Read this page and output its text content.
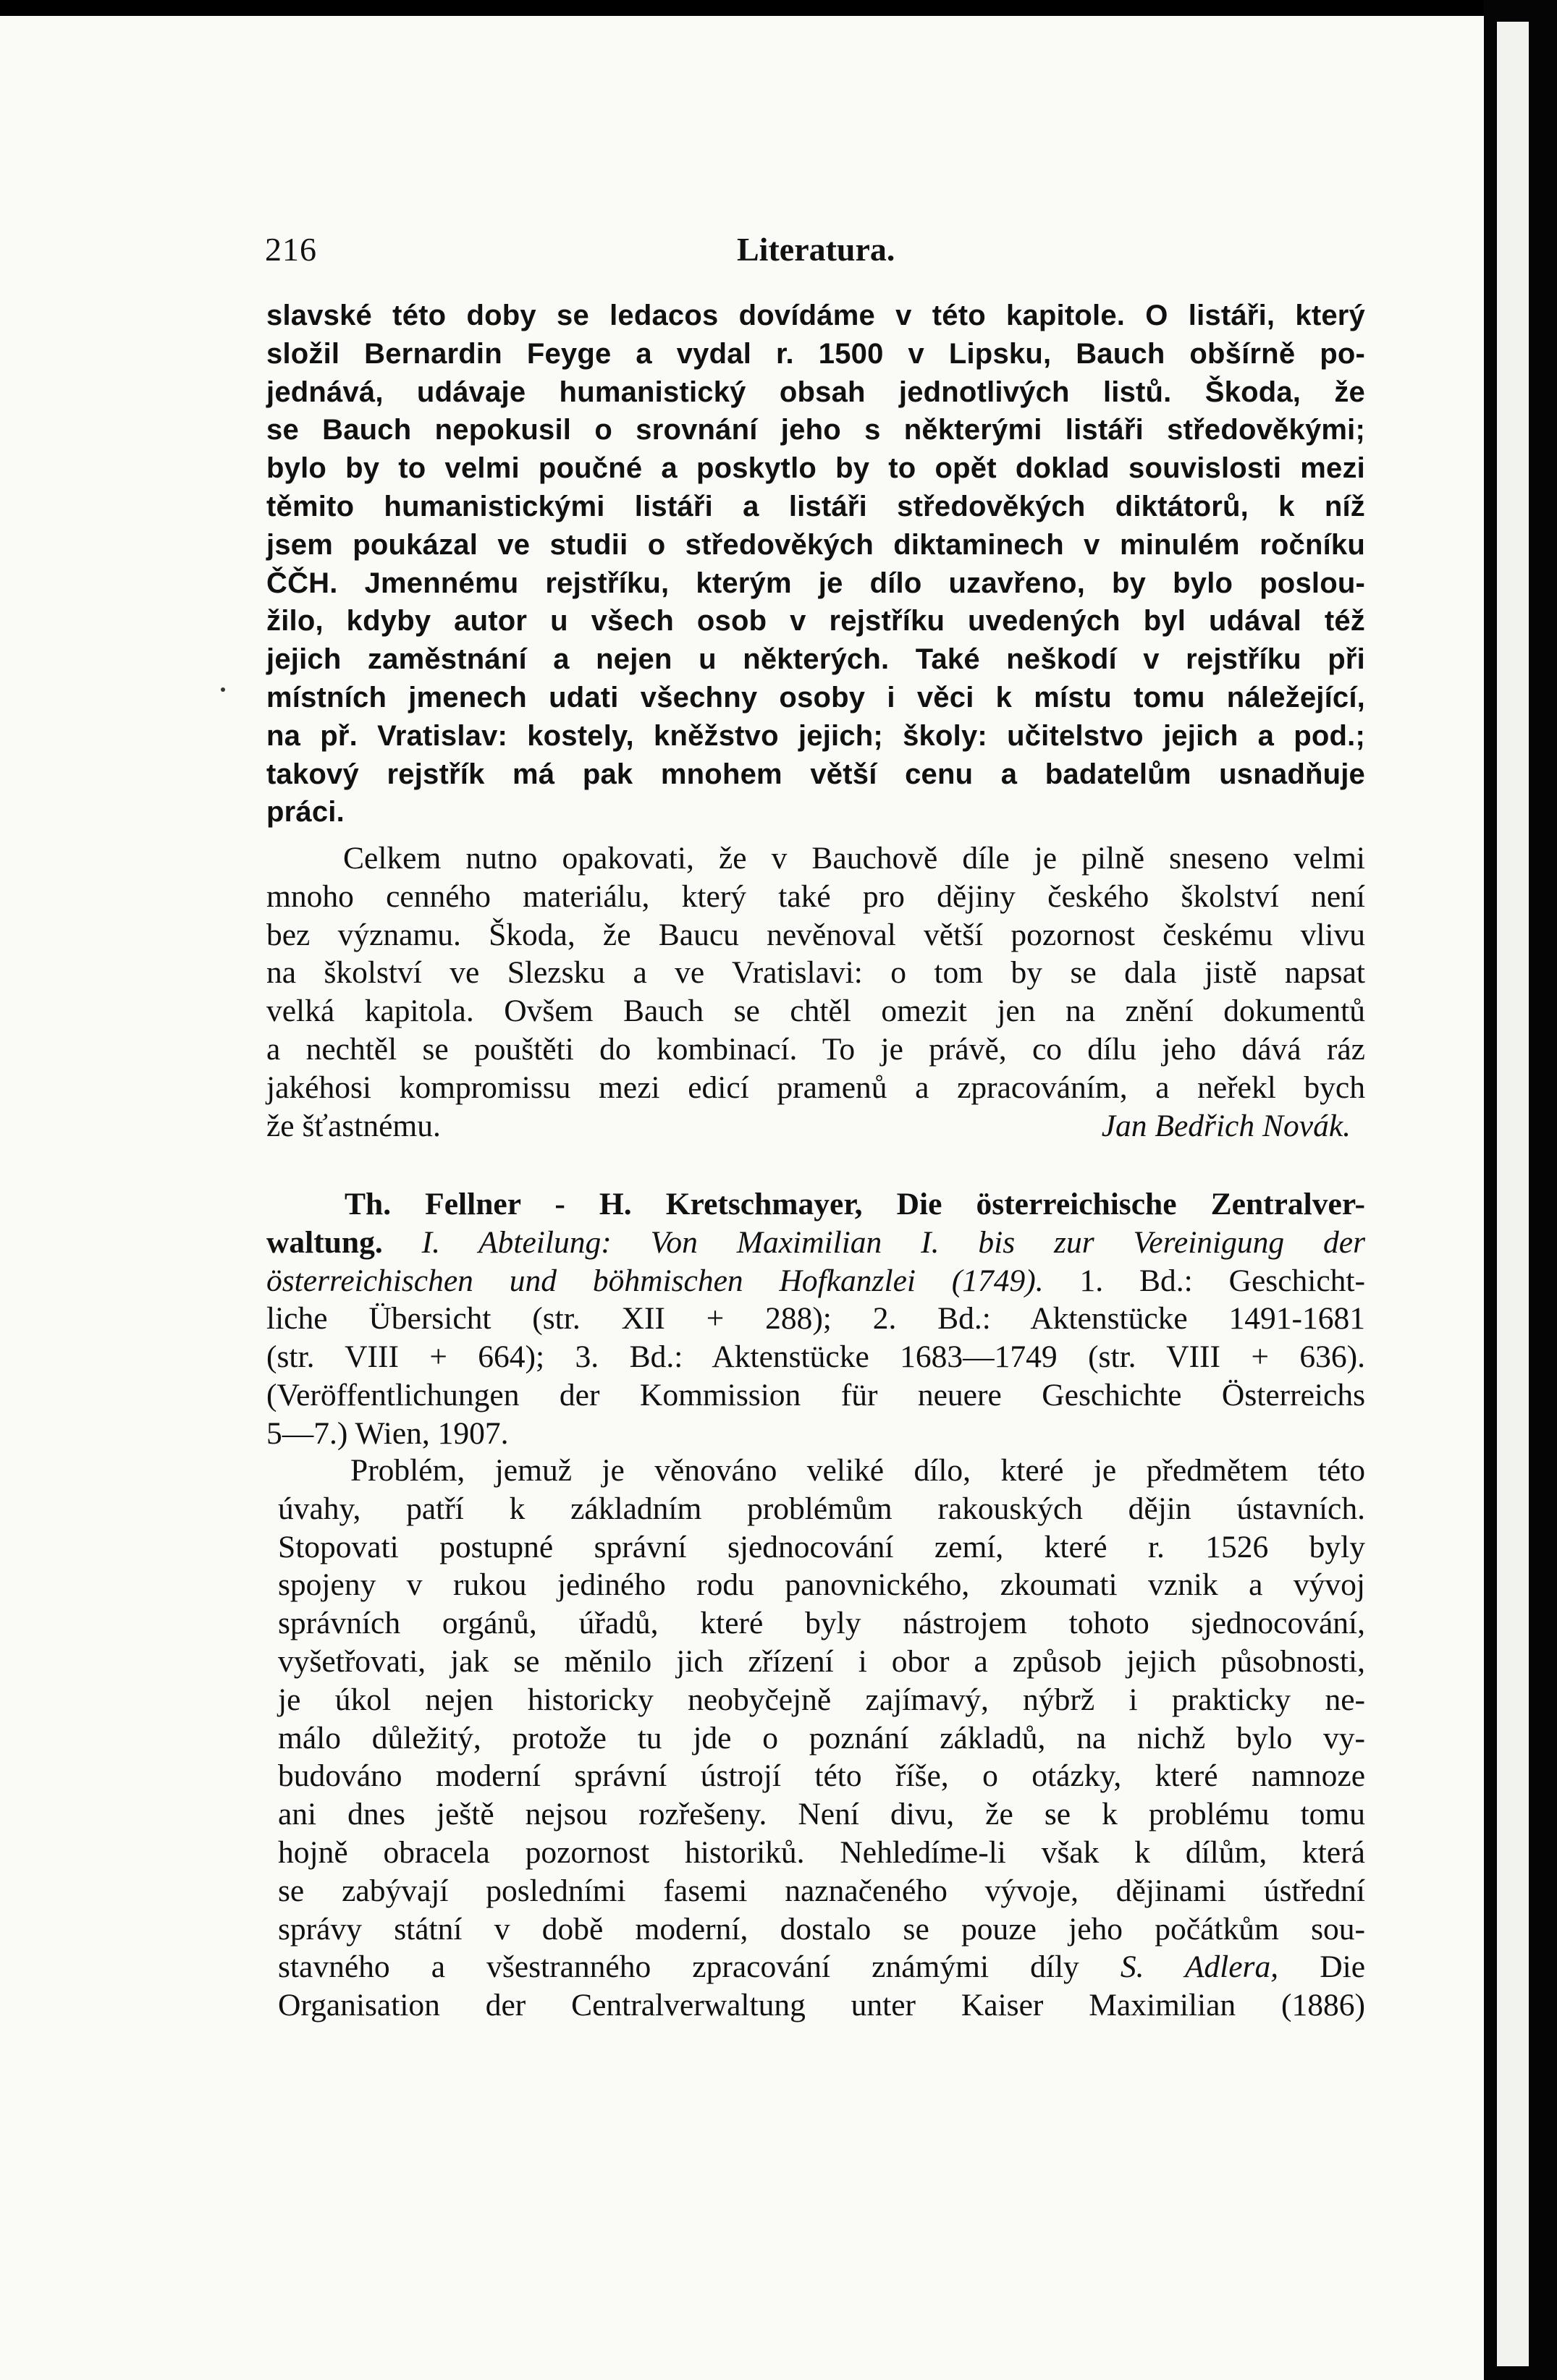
216	Literatura.
slavské této doby se ledacos dovídáme v této kapitole. O listáři, který
složil Bernardin Feyge a vydal r. 1500 v Lipsku, Bauch obšírně po-
jednává, udávaje humanistický obsah jednotlivých listů. Škoda, že
se Bauch nepokusil o srovnání jeho s některými listáři středověkými;
bylo by to velmi poučné a poskytlo by to opět doklad souvislosti mezi
těmito humanistickými listáři a listáři středověkých diktátorů, k níž
jsem poukázal ve studii o středověkých diktaminech v minulém ročníku
ČČH. Jmennému rejstříku, kterým je dílo uzavřeno, by bylo poslou-
žilo, kdyby autor u všech osob v rejstříku uvedených byl udával též
jejich zaměstnání a nejen u některých. Také neškodí v rejstříku při
místních jmenech udati všechny osoby i věci k místu tomu náležející,
na př. Vratislav: kostely, kněžstvo jejich; školy: učitelstvo jejich a pod.;
takový rejstřík má pak mnohem větší cenu a badatelům usnadňuje
práci.
Celkem nutno opakovati, že v Bauchově díle je pilně sneseno velmi
mnoho cenného materiálu, který také pro dějiny českého školství není
bez významu. Škoda, že Baucu nevěnoval větší pozornost českému vlivu
na školství ve Slezsku a ve Vratislavi: o tom by se dala jistě napsat
velká kapitola. Ovšem Bauch se chtěl omezit jen na znění dokumentů
a nechtěl se pouštěti do kombinací. To je právě, co dílu jeho dává ráz
jakéhosi kompromissu mezi edicí pramenů a zpracováním, a neřekl bych
že šťastnému.	Jan Bedřich Novák.
Th. Fellner - H. Kretschmayer, Die österreichische Zentralver-
waltung. I. Abteilung: Von Maximilian I. bis zur Vereinigung der
österreichischen und böhmischen Hofkanzlei (1749). 1. Bd.: Geschicht-
liche Übersicht (str. XII + 288); 2. Bd.: Aktenstücke 1491-1681
(str. VIII + 664); 3. Bd.: Aktenstücke 1683—1749 (str. VIII + 636).
(Veröffentlichungen der Kommission für neuere Geschichte Österreichs
5—7.) Wien, 1907.
Problém, jemuž je věnováno veliké dílo, které je předmětem této
úvahy, patří k základním problémům rakouských dějin ústavních.
Stopovati postupné správní sjednocování zemí, které r. 1526 byly
spojeny v rukou jediného rodu panovnického, zkoumati vznik a vývoj
správních orgánů, úřadů, které byly nástrojem tohoto sjednocování,
vyšetřovati, jak se měnilo jich zřízení i obor a způsob jejich působnosti,
je úkol nejen historicky neobyčejně zajímavý, nýbrž i prakticky ne-
málo důležitý, protože tu jde o poznání základů, na nichž bylo vy-
budováno moderní správní ústrojí této říše, o otázky, které namnoze
ani dnes ještě nejsou rozřešeny. Není divu, že se k problému tomu
hojně obracela pozornost historiků. Nehledíme-li však k dílům, která
se zabývají posledními fasemi naznačeného vývoje, dějinami ústřední
správy státní v době moderní, dostalo se pouze jeho počátkům sou-
stavného a všestranného zpracování známými díly S. Adlera, Die
Organisation der Centralverwaltung unter Kaiser Maximilian (1886)
